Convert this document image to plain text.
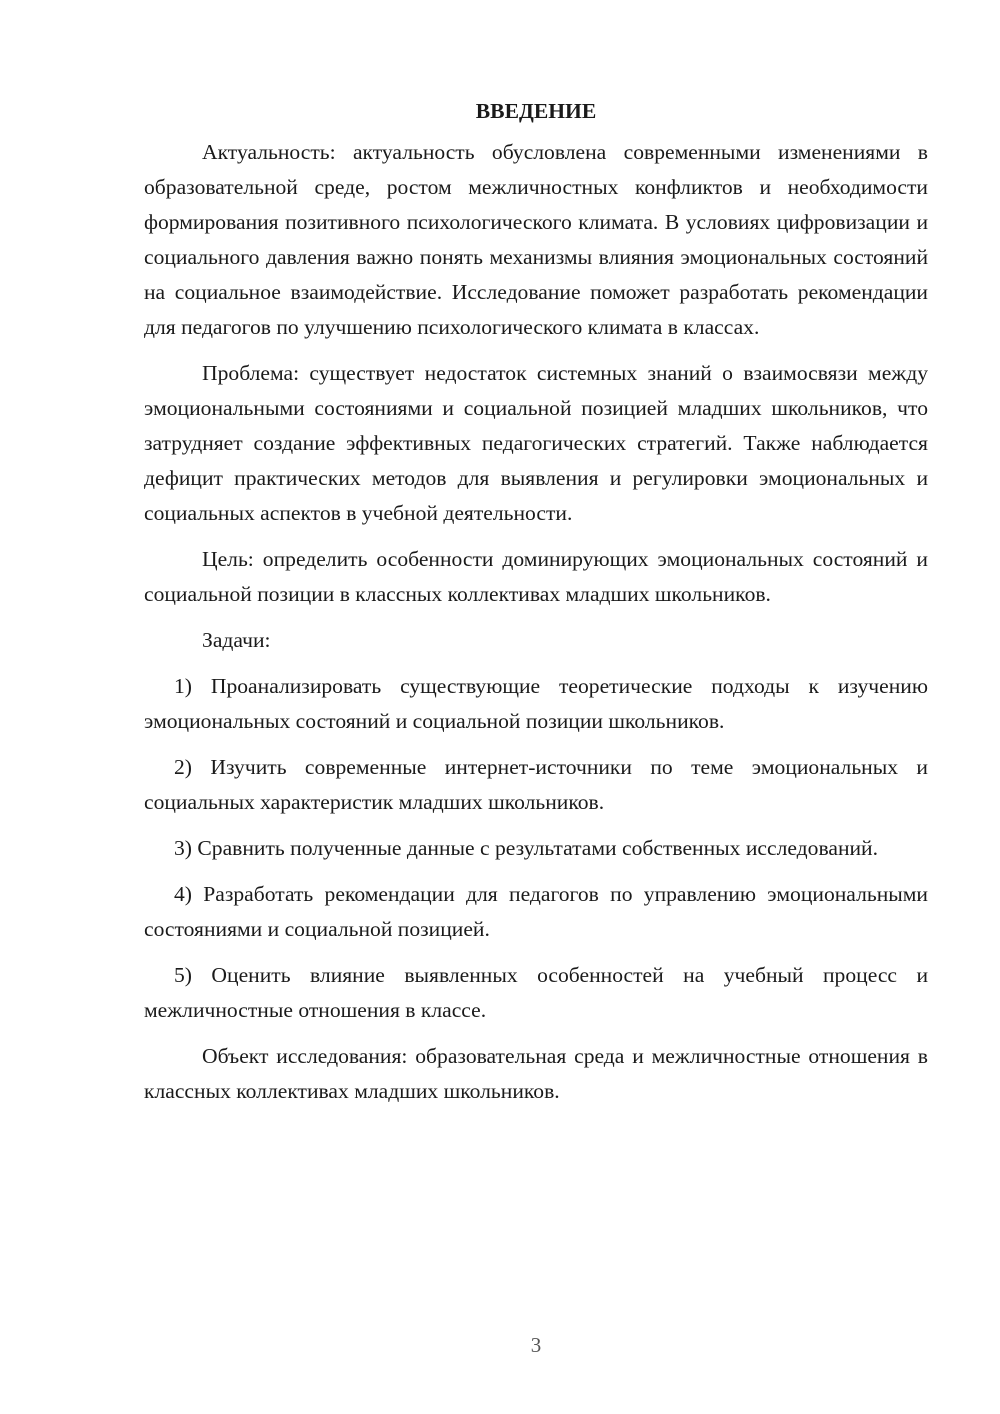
ВВЕДЕНИЕ

Актуальность: актуальность обусловлена современными изменениями в образовательной среде, ростом межличностных конфликтов и необходимости формирования позитивного психологического климата. В условиях цифровизации и социального давления важно понять механизмы влияния эмоциональных состояний на социальное взаимодействие. Исследование поможет разработать рекомендации для педагогов по улучшению психологического климата в классах.

Проблема: существует недостаток системных знаний о взаимосвязи между эмоциональными состояниями и социальной позицией младших школьников, что затрудняет создание эффективных педагогических стратегий. Также наблюдается дефицит практических методов для выявления и регулировки эмоциональных и социальных аспектов в учебной деятельности.

Цель: определить особенности доминирующих эмоциональных состояний и социальной позиции в классных коллективах младших школьников.

Задачи:

1) Проанализировать существующие теоретические подходы к изучению эмоциональных состояний и социальной позиции школьников.

2) Изучить современные интернет-источники по теме эмоциональных и социальных характеристик младших школьников.

3) Сравнить полученные данные с результатами собственных исследований.

4) Разработать рекомендации для педагогов по управлению эмоциональными состояниями и социальной позицией.

5) Оценить влияние выявленных особенностей на учебный процесс и межличностные отношения в классе.

Объект исследования: образовательная среда и межличностные отношения в классных коллективах младших школьников.

3
